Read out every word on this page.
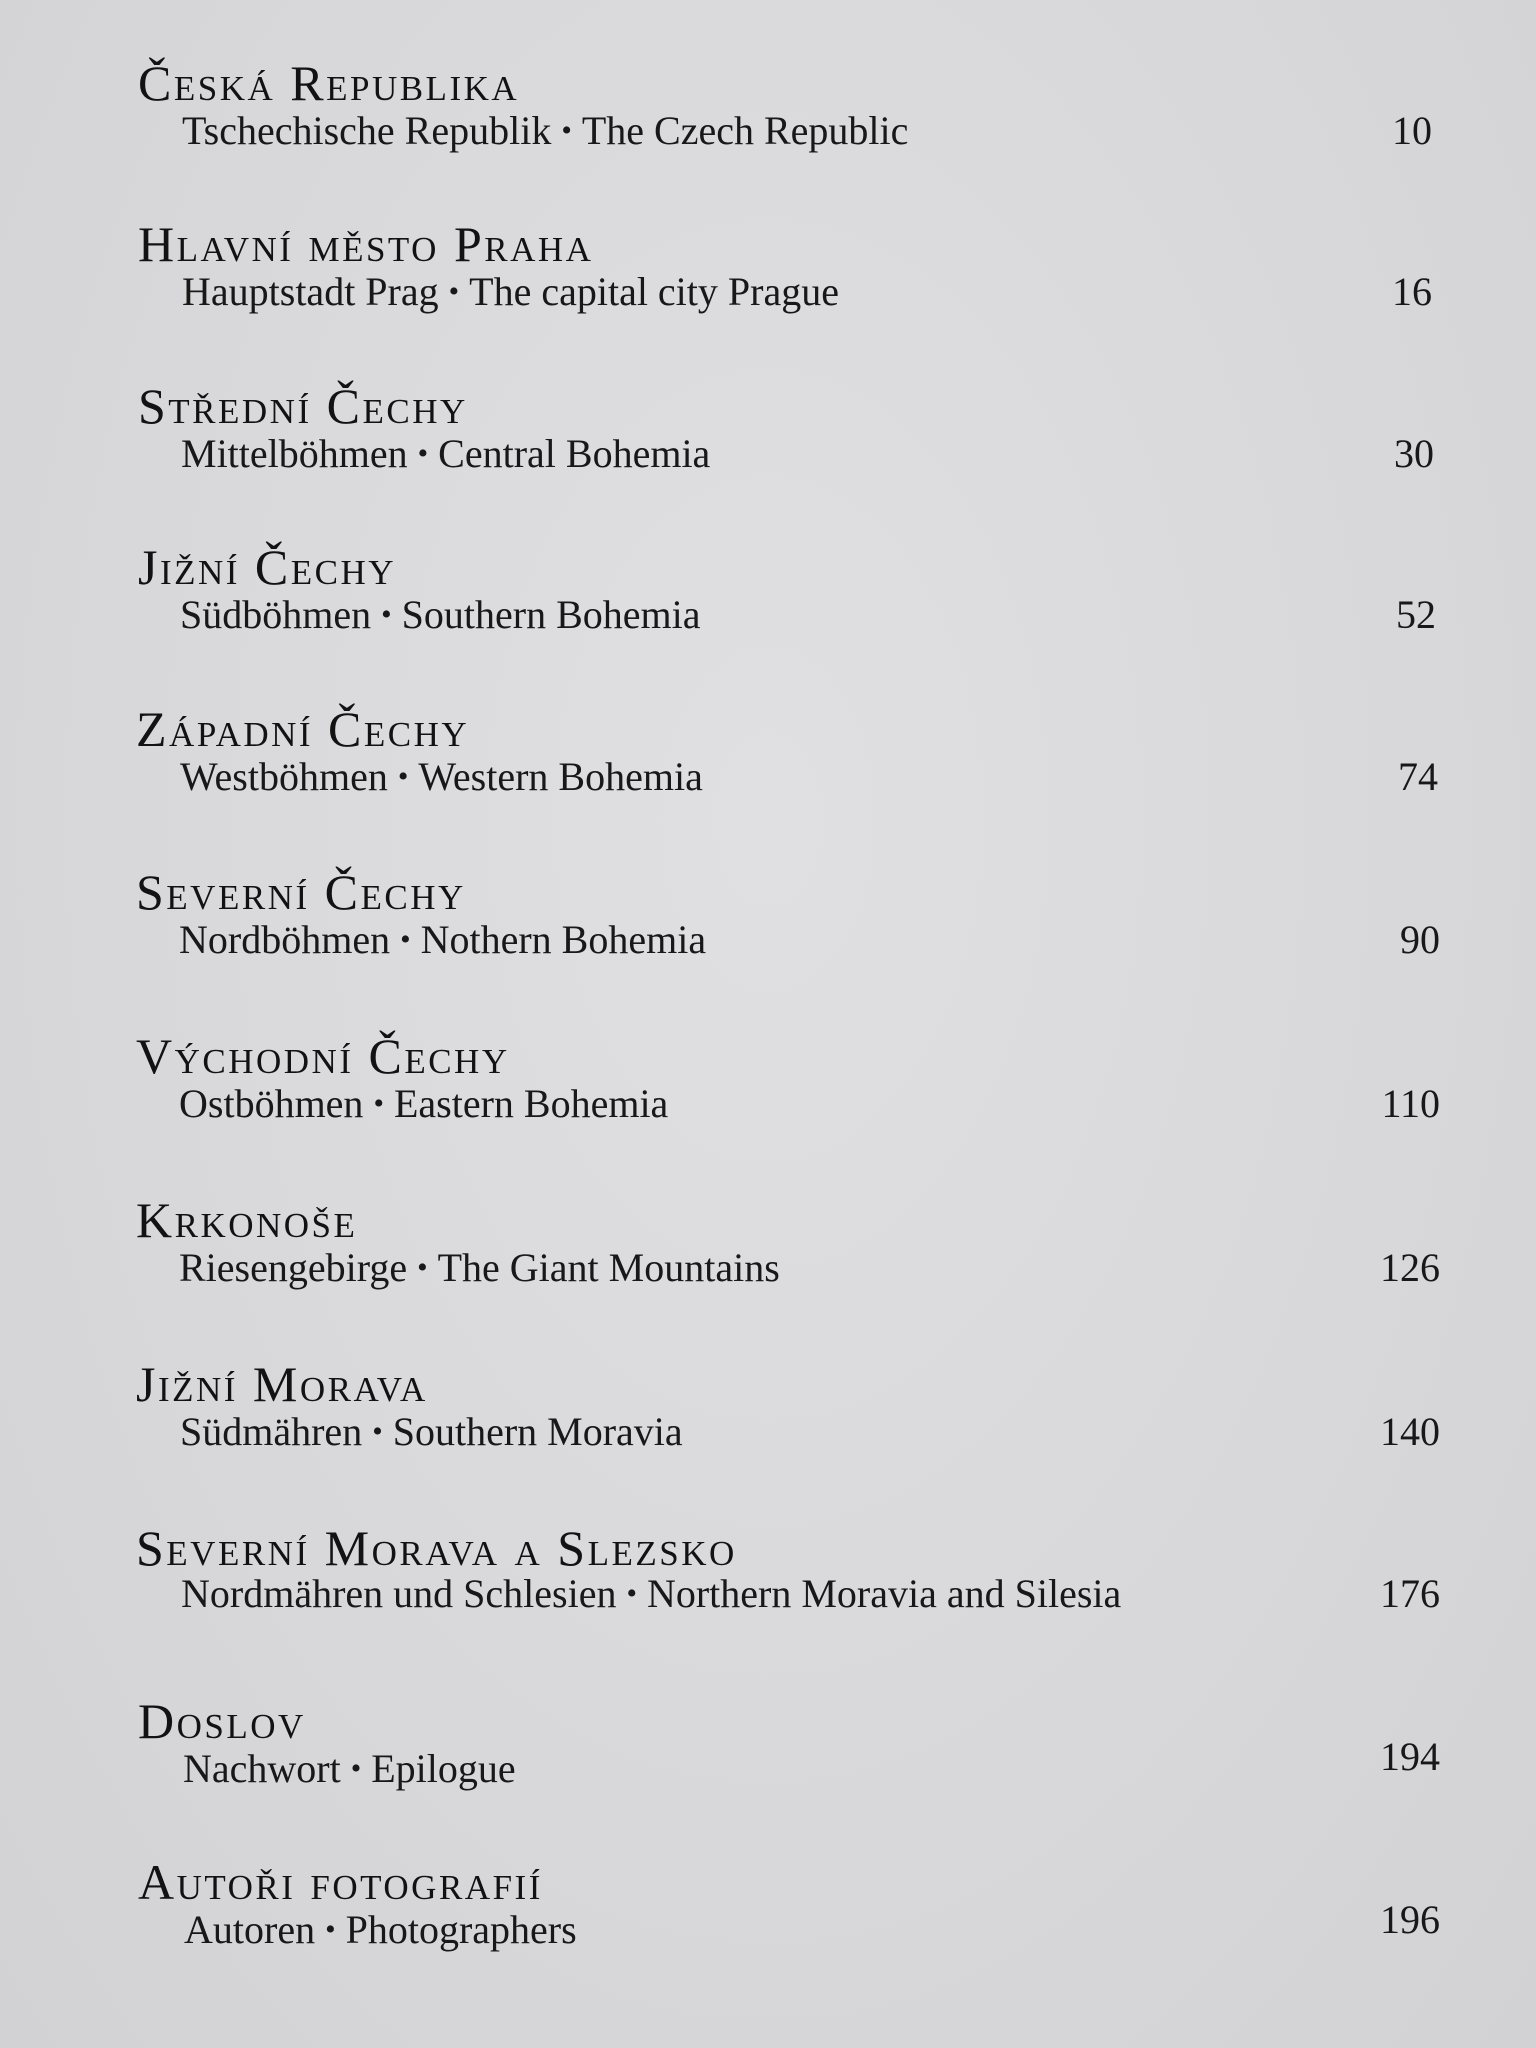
Česká Republika
Tschechische Republik • The Czech Republic	10
Hlavní město Praha
Hauptstadt Prag • The capital city Prague	16
Střední Čechy
Mittelböhmen • Central Bohemia	30
Jižní Čechy
Südböhmen • Southern Bohemia	52
Západní Čechy
Westböhmen • Western Bohemia	74
Severní Čechy
Nordböhmen • Nothern Bohemia	90
Východní Čechy
Ostböhmen • Eastern Bohemia	110
Krkonoše
Riesengebirge • The Giant Mountains	126
Jižní Morava
Südmähren • Southern Moravia	140
Severní Morava a Slezsko
Nordmähren und Schlesien • Northern Moravia and Silesia	176
Doslov
Nachwort • Epilogue	194
Autoři fotografií
Autoren • Photographers	196
